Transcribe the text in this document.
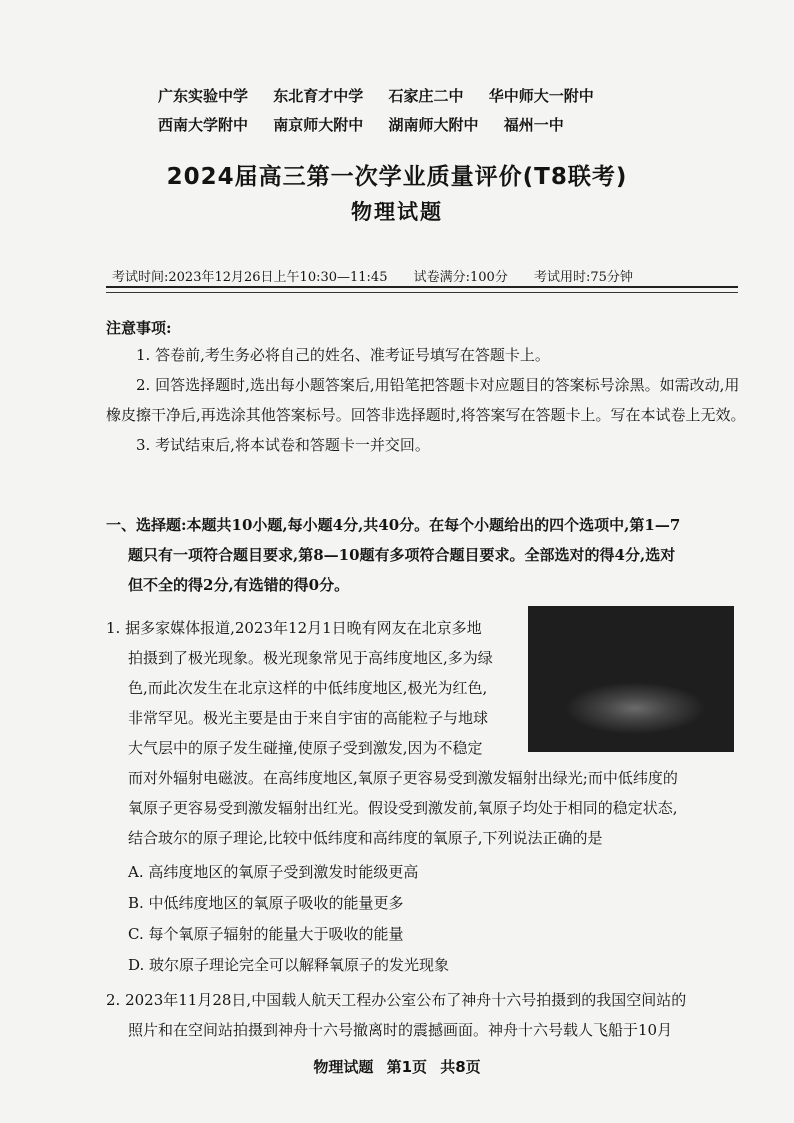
广东实验中学 东北育才中学 石家庄二中 华中师大一附中
西南大学附中 南京师大附中 湖南师大附中 福州一中
2024届高三第一次学业质量评价(T8联考)
物理试题
考试时间:2023年12月26日上午10:30—11:45 试卷满分:100分 考试用时:75分钟
注意事项:

1. 答卷前,考生务必将自己的姓名、准考证号填写在答题卡上。

2. 回答选择题时,选出每小题答案后,用铅笔把答题卡对应题目的答案标号涂黑。如需改动,用橡皮擦干净后,再选涂其他答案标号。回答非选择题时,将答案写在答题卡上。写在本试卷上无效。

3. 考试结束后,将本试卷和答题卡一并交回。

一、选择题:本题共10小题,每小题4分,共40分。在每个小题给出的四个选项中,第1—7
题只有一项符合题目要求,第8—10题有多项符合题目要求。全部选对的得4分,选对
但不全的得2分,有选错的得0分。

1. 据多家媒体报道,2023年12月1日晚有网友在北京多地

拍摄到了极光现象。极光现象常见于高纬度地区,多为绿

色,而此次发生在北京这样的中低纬度地区,极光为红色,

非常罕见。极光主要是由于来自宇宙的高能粒子与地球

大气层中的原子发生碰撞,使原子受到激发,因为不稳定

而对外辐射电磁波。在高纬度地区,氧原子更容易受到激发辐射出绿光;而中低纬度的

氧原子更容易受到激发辐射出红光。假设受到激发前,氧原子均处于相同的稳定状态,

结合玻尔的原子理论,比较中低纬度和高纬度的氧原子,下列说法正确的是

A. 高纬度地区的氧原子受到激发时能级更高
B. 中低纬度地区的氧原子吸收的能量更多
C. 每个氧原子辐射的能量大于吸收的能量
D. 玻尔原子理论完全可以解释氧原子的发光现象

2. 2023年11月28日,中国载人航天工程办公室公布了神舟十六号拍摄到的我国空间站的

照片和在空间站拍摄到神舟十六号撤离时的震撼画面。神舟十六号载人飞船于10月

物理试题 第1页 共8页
